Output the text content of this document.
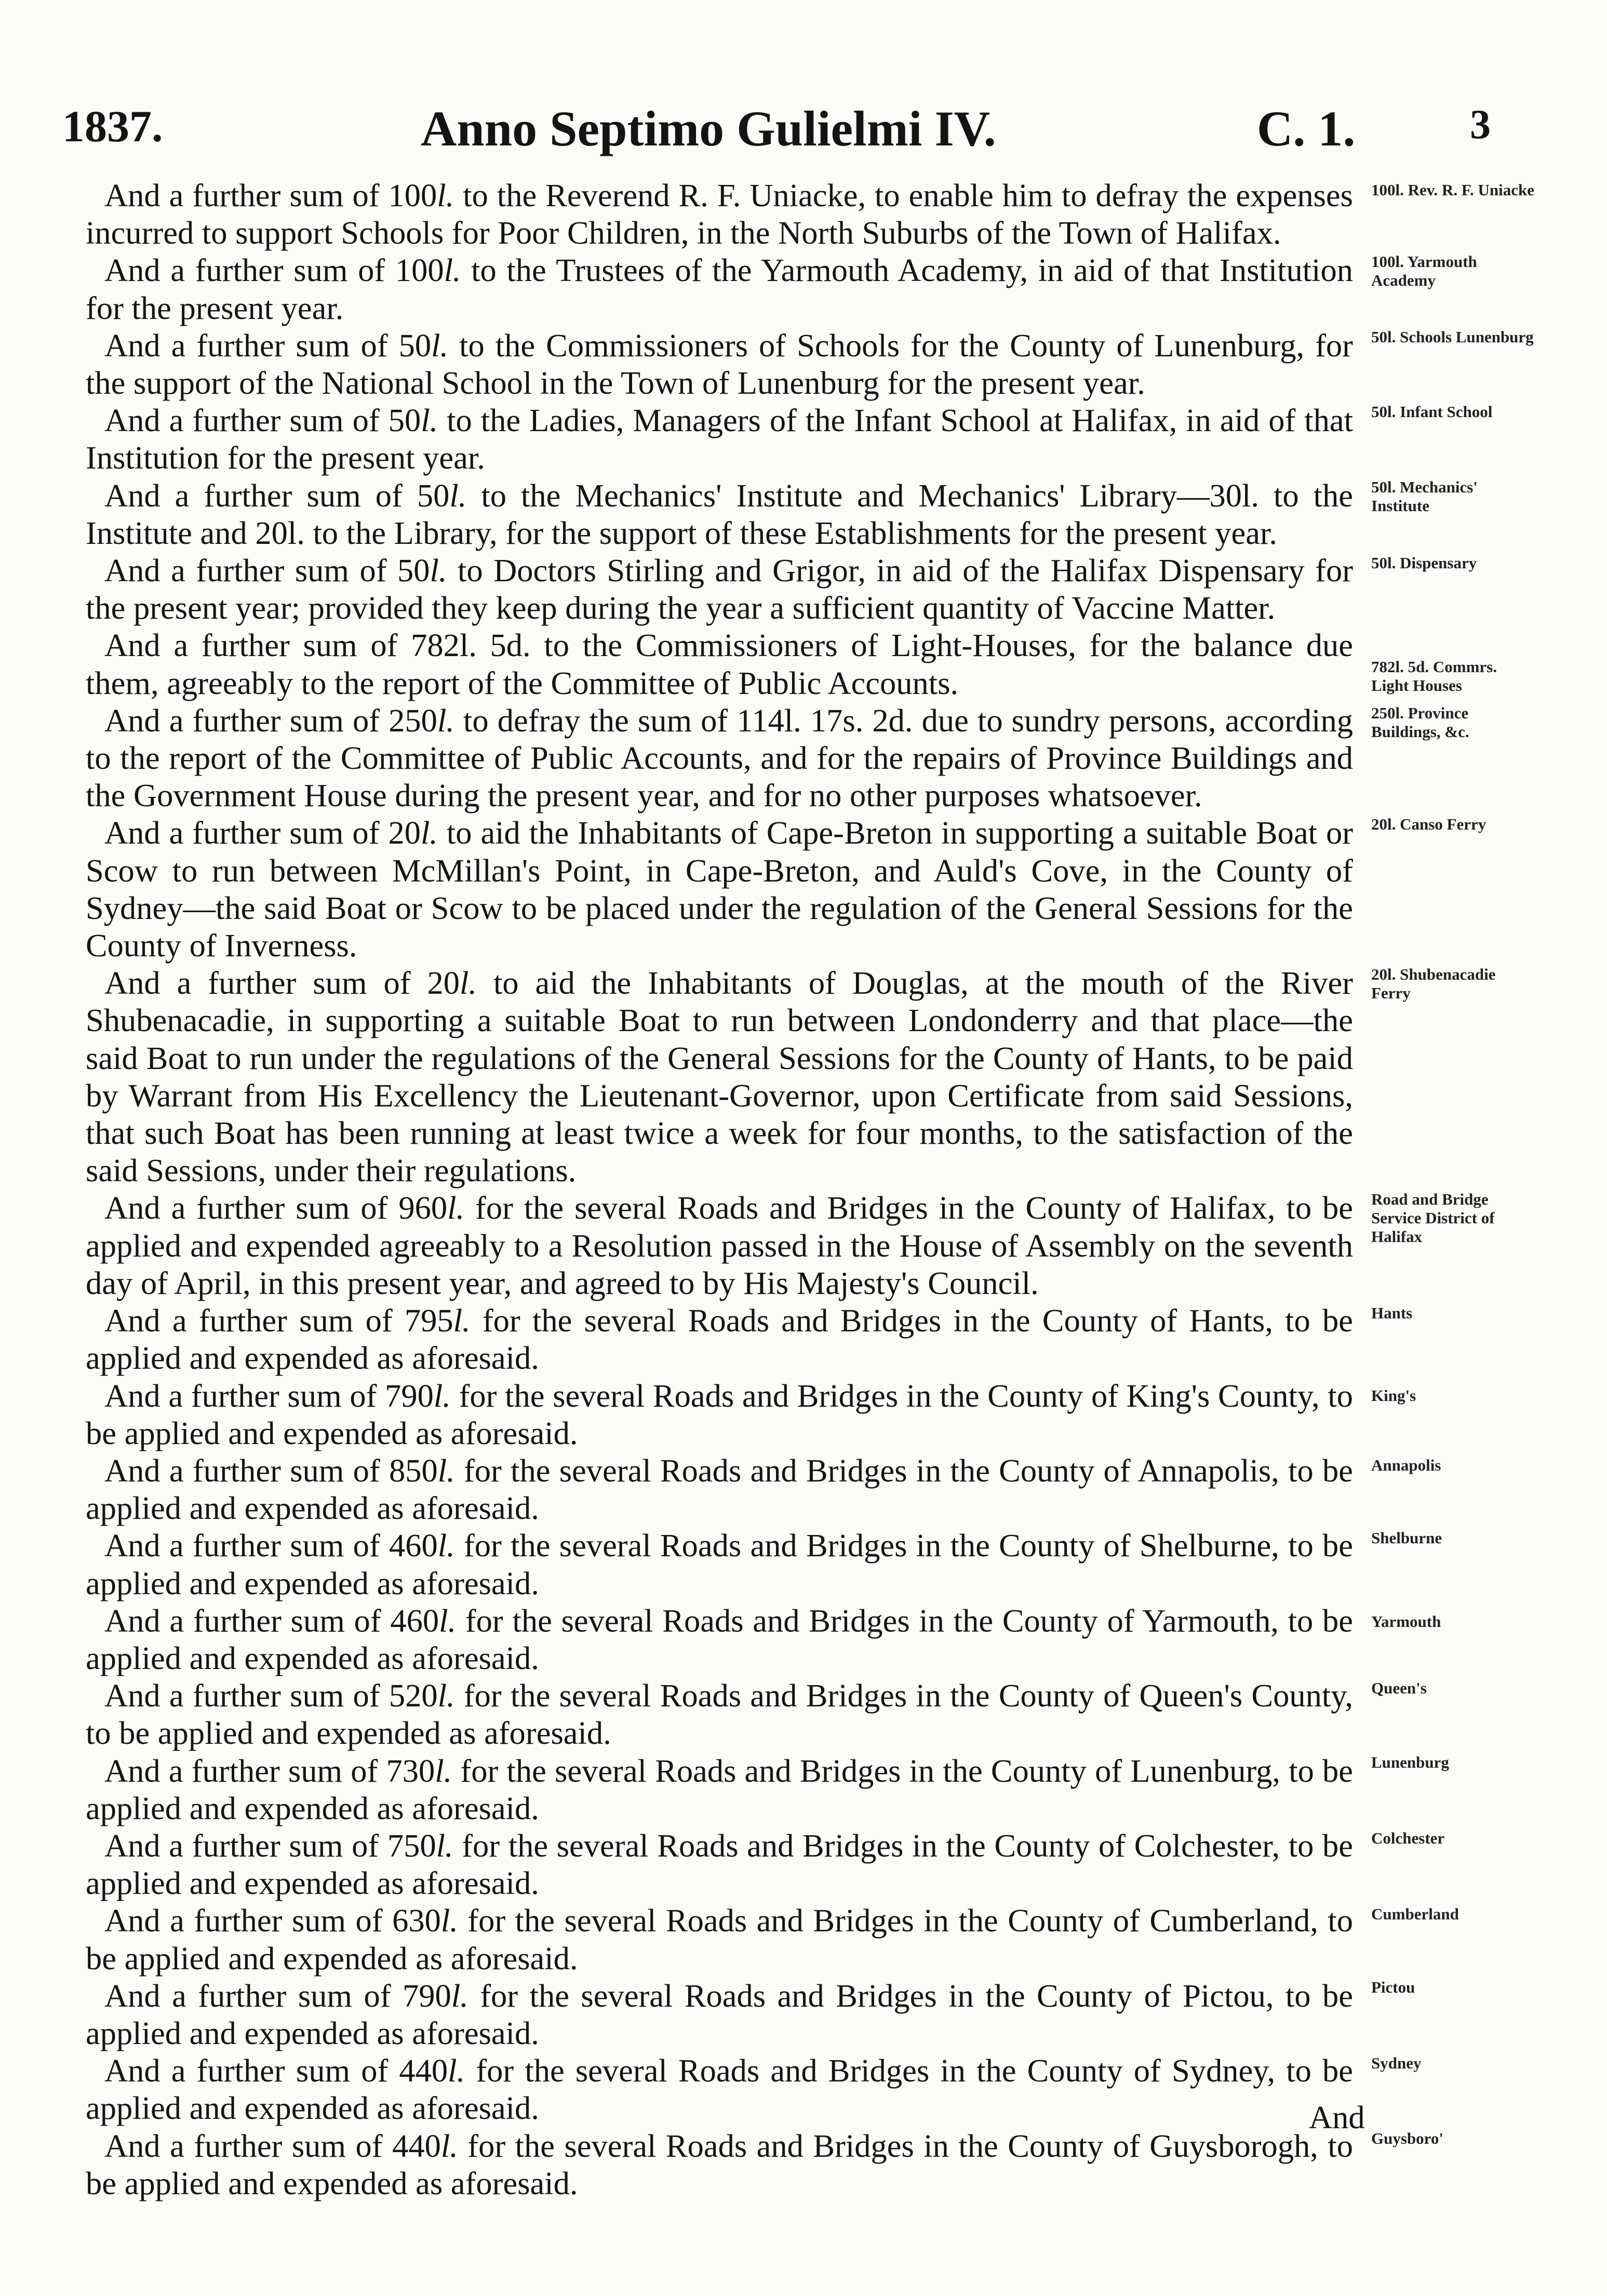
1837.	Anno Septimo Gulielmi IV.	C. 1.	3

And a further sum of 100l. to the Reverend R. F. Uniacke, to enable him to defray the expenses incurred to support Schools for Poor Children, in the North Suburbs of the Town of Halifax.

And a further sum of 100l. to the Trustees of the Yarmouth Academy, in aid of that Institution for the present year.

And a further sum of 50l. to the Commissioners of Schools for the County of Lunenburg, for the support of the National School in the Town of Lunenburg for the present year.

And a further sum of 50l. to the Ladies, Managers of the Infant School at Halifax, in aid of that Institution for the present year.

And a further sum of 50l. to the Mechanics' Institute and Mechanics' Library—30l. to the Institute and 20l. to the Library, for the support of these Establishments for the present year.

And a further sum of 50l. to Doctors Stirling and Grigor, in aid of the Halifax Dispensary for the present year; provided they keep during the year a sufficient quantity of Vaccine Matter.

And a further sum of 782l. 5d. to the Commissioners of Light-Houses, for the balance due them, agreeably to the report of the Committee of Public Accounts.

And a further sum of 250l. to defray the sum of 114l. 17s. 2d. due to sundry persons, according to the report of the Committee of Public Accounts, and for the repairs of Province Buildings and the Government House during the present year, and for no other purposes whatsoever.

And a further sum of 20l. to aid the Inhabitants of Cape-Breton in supporting a suitable Boat or Scow to run between McMillan's Point, in Cape-Breton, and Auld's Cove, in the County of Sydney—the said Boat or Scow to be placed under the regulation of the General Sessions for the County of Inverness.

And a further sum of 20l. to aid the Inhabitants of Douglas, at the mouth of the River Shubenacadie, in supporting a suitable Boat to run between Londonderry and that place—the said Boat to run under the regulations of the General Sessions for the County of Hants, to be paid by Warrant from His Excellency the Lieutenant-Governor, upon Certificate from said Sessions, that such Boat has been running at least twice a week for four months, to the satisfaction of the said Sessions, under their regulations.

And a further sum of 960l. for the several Roads and Bridges in the County of Halifax, to be applied and expended agreeably to a Resolution passed in the House of Assembly on the seventh day of April, in this present year, and agreed to by His Majesty's Council.

And a further sum of 795l. for the several Roads and Bridges in the County of Hants, to be applied and expended as aforesaid.

And a further sum of 790l. for the several Roads and Bridges in the County of King's County, to be applied and expended as aforesaid.

And a further sum of 850l. for the several Roads and Bridges in the County of Annapolis, to be applied and expended as aforesaid.

And a further sum of 460l. for the several Roads and Bridges in the County of Shelburne, to be applied and expended as aforesaid.

And a further sum of 460l. for the several Roads and Bridges in the County of Yarmouth, to be applied and expended as aforesaid.

And a further sum of 520l. for the several Roads and Bridges in the County of Queen's County, to be applied and expended as aforesaid.

And a further sum of 730l. for the several Roads and Bridges in the County of Lunenburg, to be applied and expended as aforesaid.

And a further sum of 750l. for the several Roads and Bridges in the County of Colchester, to be applied and expended as aforesaid.

And a further sum of 630l. for the several Roads and Bridges in the County of Cumberland, to be applied and expended as aforesaid.

And a further sum of 790l. for the several Roads and Bridges in the County of Pictou, to be applied and expended as aforesaid.

And a further sum of 440l. for the several Roads and Bridges in the County of Sydney, to be applied and expended as aforesaid.

And a further sum of 440l. for the several Roads and Bridges in the County of Guysborogh, to be applied and expended as aforesaid.

100l. Rev. R. F. Uniacke
100l. Yarmouth Academy
50l. Schools Lunenburg
50l. Infant School
50l. Mechanics' Institute
50l. Dispensary
782l. 5d. Commrs. Light Houses
250l. Province Buildings, &c.
20l. Canso Ferry
20l. Shubenacadie Ferry
Road and Bridge Service District of Halifax
Hants
King's
Annapolis
Shelburne
Yarmouth
Queen's
Lunenburg
Colchester
Cumberland
Pictou
Sydney
Guysboro'
And
